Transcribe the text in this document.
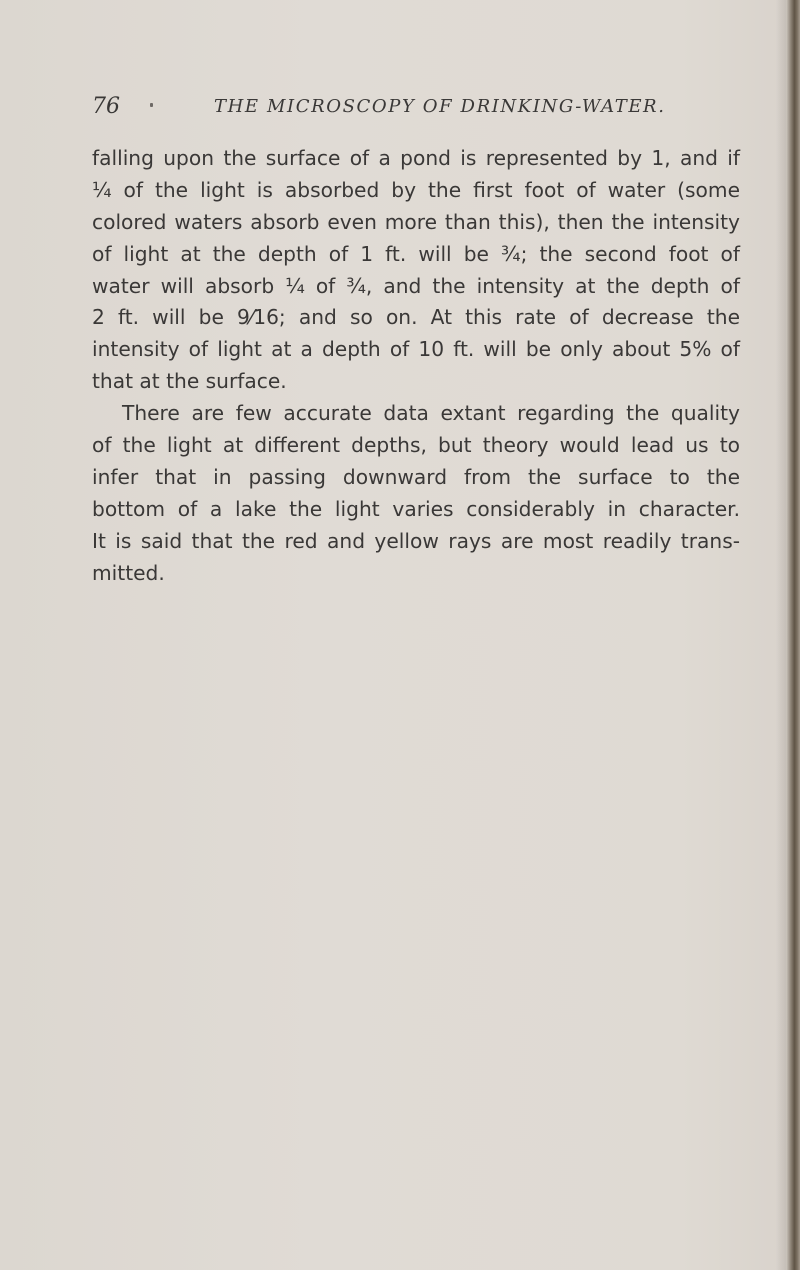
76	THE MICROSCOPY OF DRINKING-WATER.
falling upon the surface of a pond is represented by 1, and if
¼ of the light is absorbed by the first foot of water (some
colored waters absorb even more than this), then the intensity
of light at the depth of 1 ft. will be ¾; the second foot of
water will absorb ¼ of ¾, and the intensity at the depth of
2 ft. will be 9⁄16; and so on. At this rate of decrease the
intensity of light at a depth of 10 ft. will be only about 5% of
that at the surface.
There are few accurate data extant regarding the quality
of the light at different depths, but theory would lead us to
infer that in passing downward from the surface to the
bottom of a lake the light varies considerably in character.
It is said that the red and yellow rays are most readily trans-
mitted.
